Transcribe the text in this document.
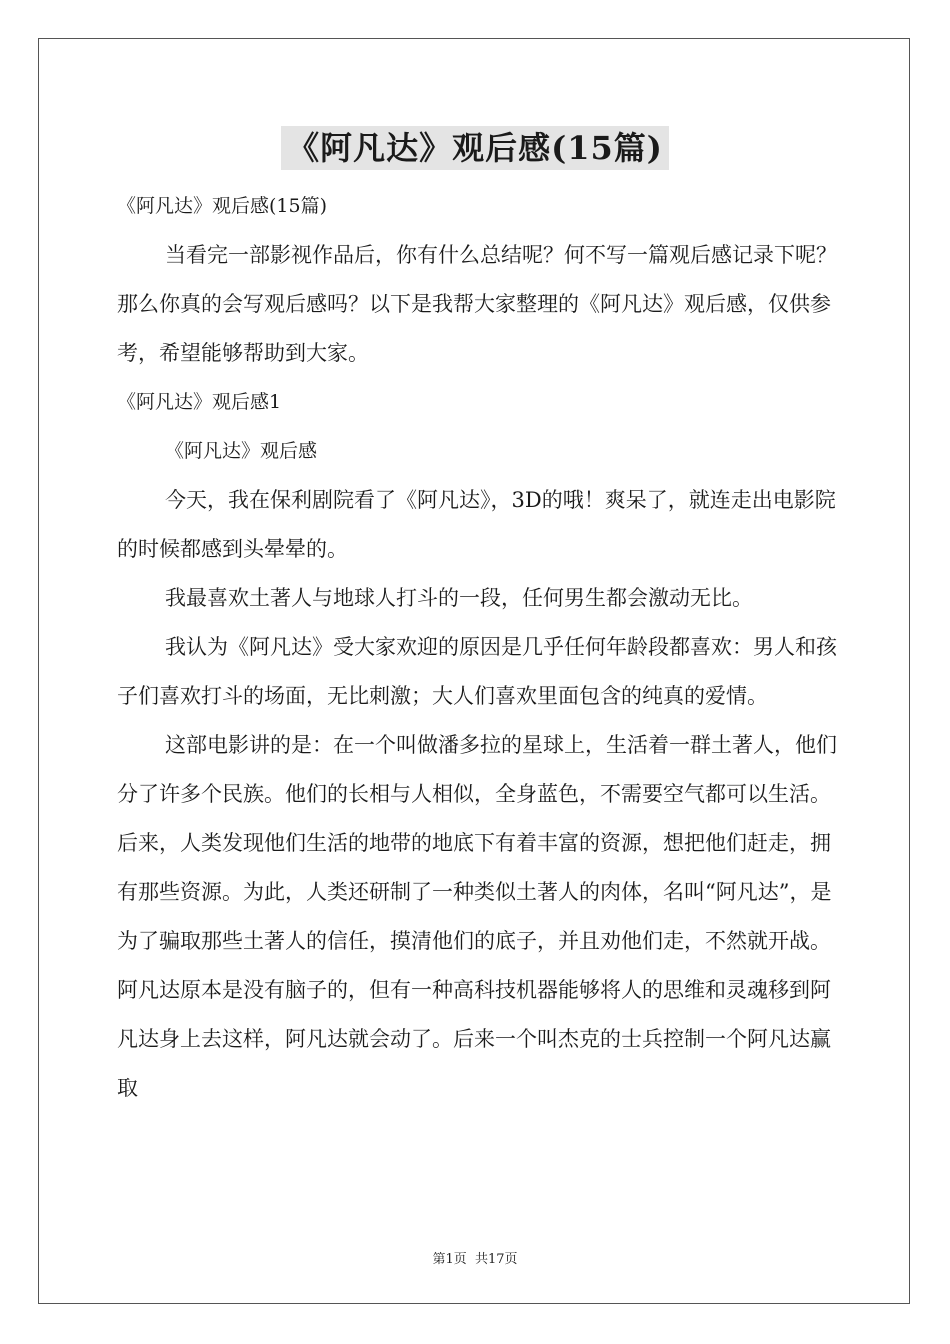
《阿凡达》观后感(15篇)

《阿凡达》观后感(15篇)

当看完一部影视作品后，你有什么总结呢？何不写一篇观后感记录下呢？那么你真的会写观后感吗？以下是我帮大家整理的《阿凡达》观后感，仅供参考，希望能够帮助到大家。

《阿凡达》观后感1

《阿凡达》观后感

今天，我在保利剧院看了《阿凡达》，3D的哦！爽呆了，就连走出电影院的时候都感到头晕晕的。

我最喜欢土著人与地球人打斗的一段，任何男生都会激动无比。

我认为《阿凡达》受大家欢迎的原因是几乎任何年龄段都喜欢：男人和孩子们喜欢打斗的场面，无比刺激；大人们喜欢里面包含的纯真的爱情。

这部电影讲的是：在一个叫做潘多拉的星球上，生活着一群土著人，他们分了许多个民族。他们的长相与人相似，全身蓝色，不需要空气都可以生活。后来，人类发现他们生活的地带的地底下有着丰富的资源，想把他们赶走，拥有那些资源。为此，人类还研制了一种类似土著人的肉体，名叫“阿凡达”，是为了骗取那些土著人的信任，摸清他们的底子，并且劝他们走，不然就开战。阿凡达原本是没有脑子的，但有一种高科技机器能够将人的思维和灵魂移到阿凡达身上去这样，阿凡达就会动了。后来一个叫杰克的士兵控制一个阿凡达赢取

第1页 共17页
